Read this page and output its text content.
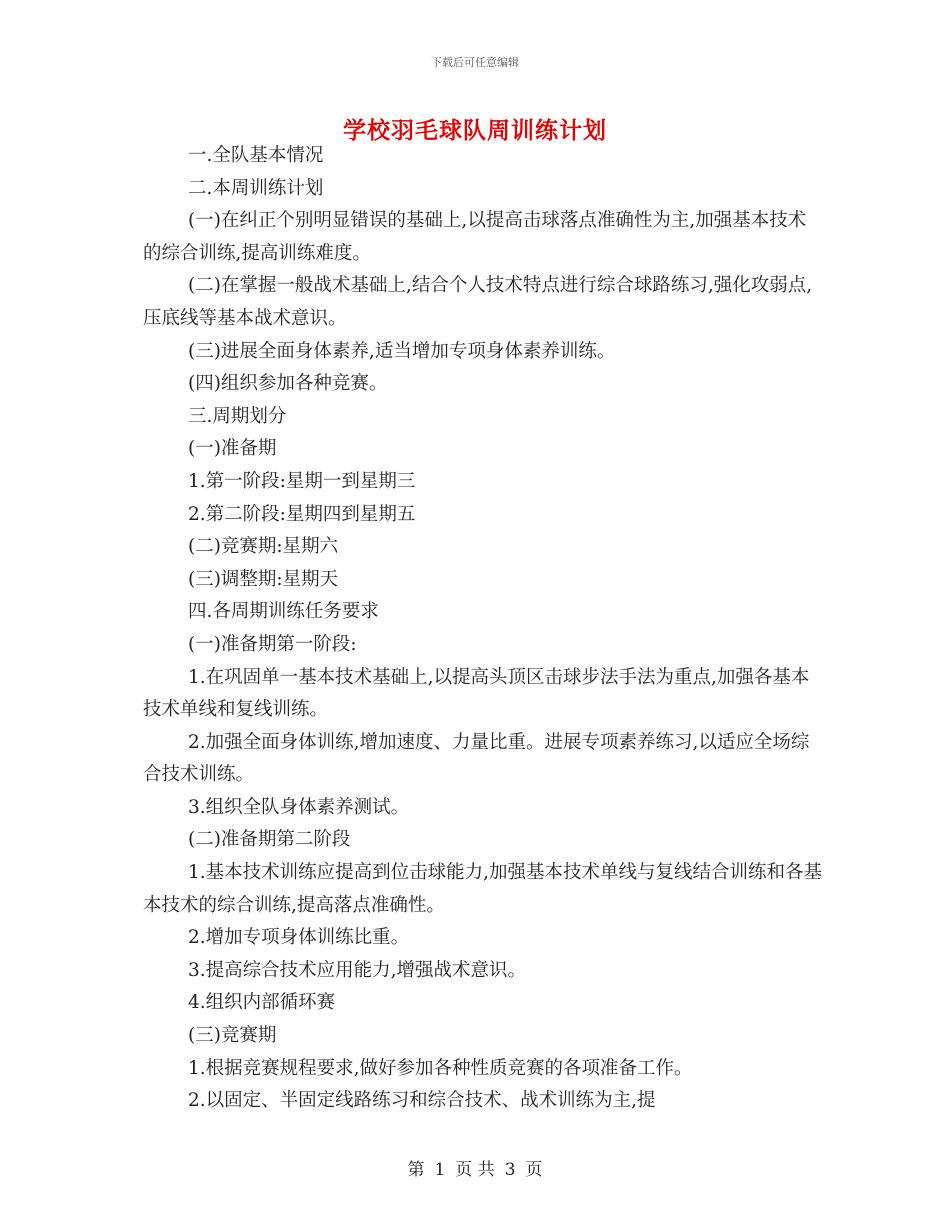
下载后可任意编辑
学校羽毛球队周训练计划

一.全队基本情况

二.本周训练计划

(一)在纠正个别明显错误的基础上,以提高击球落点准确性为主,加强基本技术的综合训练,提高训练难度。

(二)在掌握一般战术基础上,结合个人技术特点进行综合球路练习,强化攻弱点,压底线等基本战术意识。

(三)进展全面身体素养,适当增加专项身体素养训练。

(四)组织参加各种竞赛。

三.周期划分

(一)准备期

1.第一阶段:星期一到星期三

2.第二阶段:星期四到星期五

(二)竞赛期:星期六

(三)调整期:星期天

四.各周期训练任务要求

(一)准备期第一阶段:

1.在巩固单一基本技术基础上,以提高头顶区击球步法手法为重点,加强各基本技术单线和复线训练。

2.加强全面身体训练,增加速度、力量比重。进展专项素养练习,以适应全场综合技术训练。

3.组织全队身体素养测试。

(二)准备期第二阶段

1.基本技术训练应提高到位击球能力,加强基本技术单线与复线结合训练和各基本技术的综合训练,提高落点准确性。

2.增加专项身体训练比重。

3.提高综合技术应用能力,增强战术意识。

4.组织内部循环赛

(三)竞赛期

1.根据竞赛规程要求,做好参加各种性质竞赛的各项准备工作。

2.以固定、半固定线路练习和综合技术、战术训练为主,提

第 1 页 共 3 页
